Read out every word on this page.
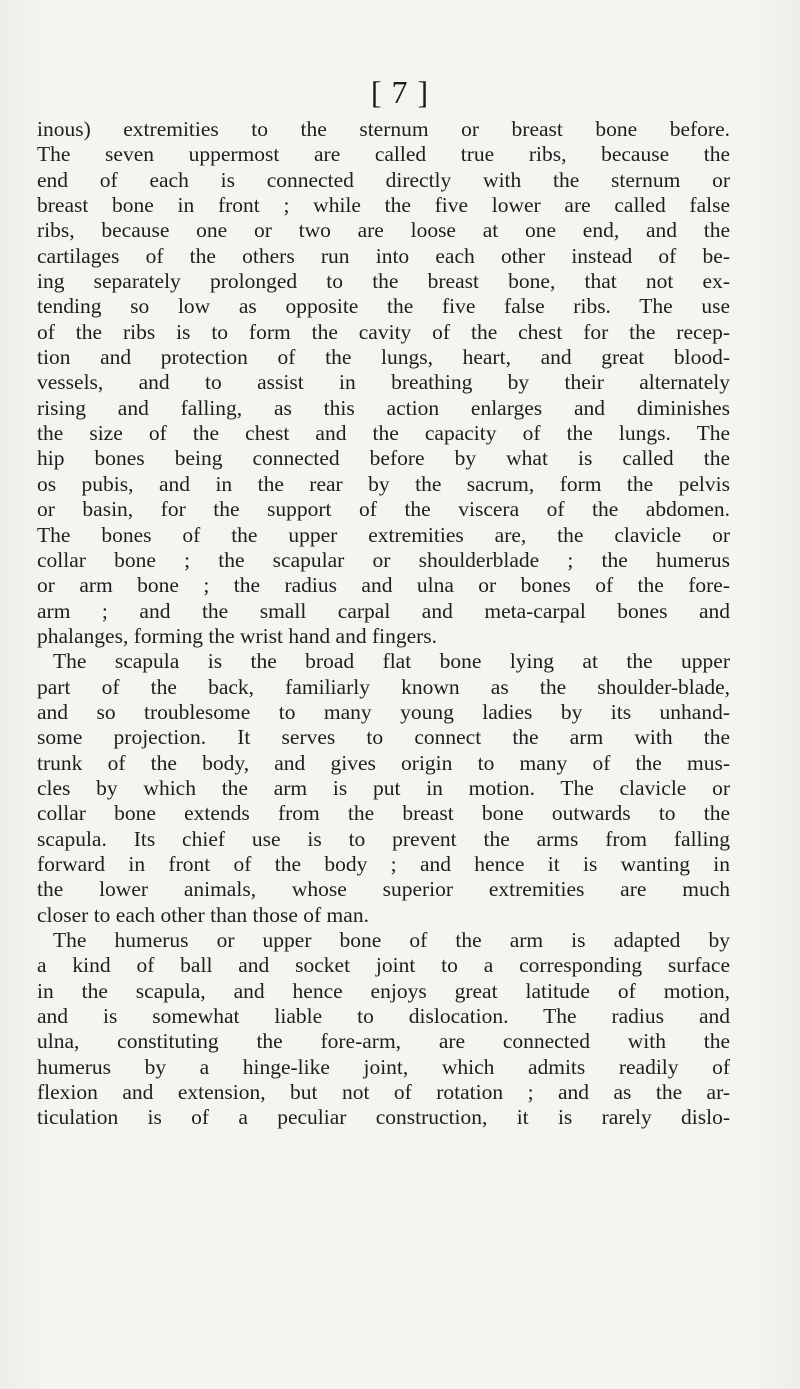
[ 7 ]
inous) extremities to the sternum or breast bone before.
The seven uppermost are called true ribs, because the
end of each is connected directly with the sternum or
breast bone in front ; while the five lower are called false
ribs, because one or two are loose at one end, and the
cartilages of the others run into each other instead of be-
ing separately prolonged to the breast bone, that not ex-
tending so low as opposite the five false ribs. The use
of the ribs is to form the cavity of the chest for the recep-
tion and protection of the lungs, heart, and great blood-
vessels, and to assist in breathing by their alternately
rising and falling, as this action enlarges and diminishes
the size of the chest and the capacity of the lungs. The
hip bones being connected before by what is called the
os pubis, and in the rear by the sacrum, form the pelvis
or basin, for the support of the viscera of the abdomen.
The bones of the upper extremities are, the clavicle or
collar bone ; the scapular or shoulderblade ; the humerus
or arm bone ; the radius and ulna or bones of the fore-
arm ; and the small carpal and meta-carpal bones and
phalanges, forming the wrist hand and fingers.
The scapula is the broad flat bone lying at the upper
part of the back, familiarly known as the shoulder-blade,
and so troublesome to many young ladies by its unhand-
some projection. It serves to connect the arm with the
trunk of the body, and gives origin to many of the mus-
cles by which the arm is put in motion. The clavicle or
collar bone extends from the breast bone outwards to the
scapula. Its chief use is to prevent the arms from falling
forward in front of the body ; and hence it is wanting in
the lower animals, whose superior extremities are much
closer to each other than those of man.
The humerus or upper bone of the arm is adapted by
a kind of ball and socket joint to a corresponding surface
in the scapula, and hence enjoys great latitude of motion,
and is somewhat liable to dislocation. The radius and
ulna, constituting the fore-arm, are connected with the
humerus by a hinge-like joint, which admits readily of
flexion and extension, but not of rotation ; and as the ar-
ticulation is of a peculiar construction, it is rarely dislo-
